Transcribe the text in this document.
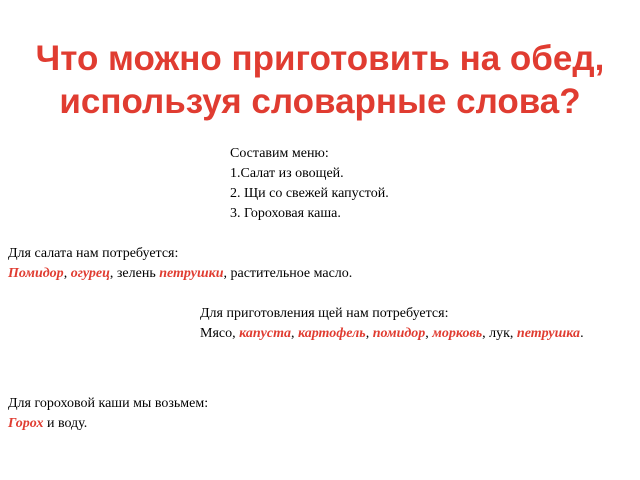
Что можно приготовить на обед,
используя словарные слова?
Составим меню:
1.Салат из овощей.
2. Щи со свежей капустой.
3. Гороховая каша.
Для салата нам потребуется:
Помидор, огурец, зелень петрушки, растительное масло.
Для приготовления щей нам потребуется:
Мясо, капуста, картофель, помидор, морковь, лук, петрушка.
Для гороховой каши мы возьмем:
Горох и воду.
